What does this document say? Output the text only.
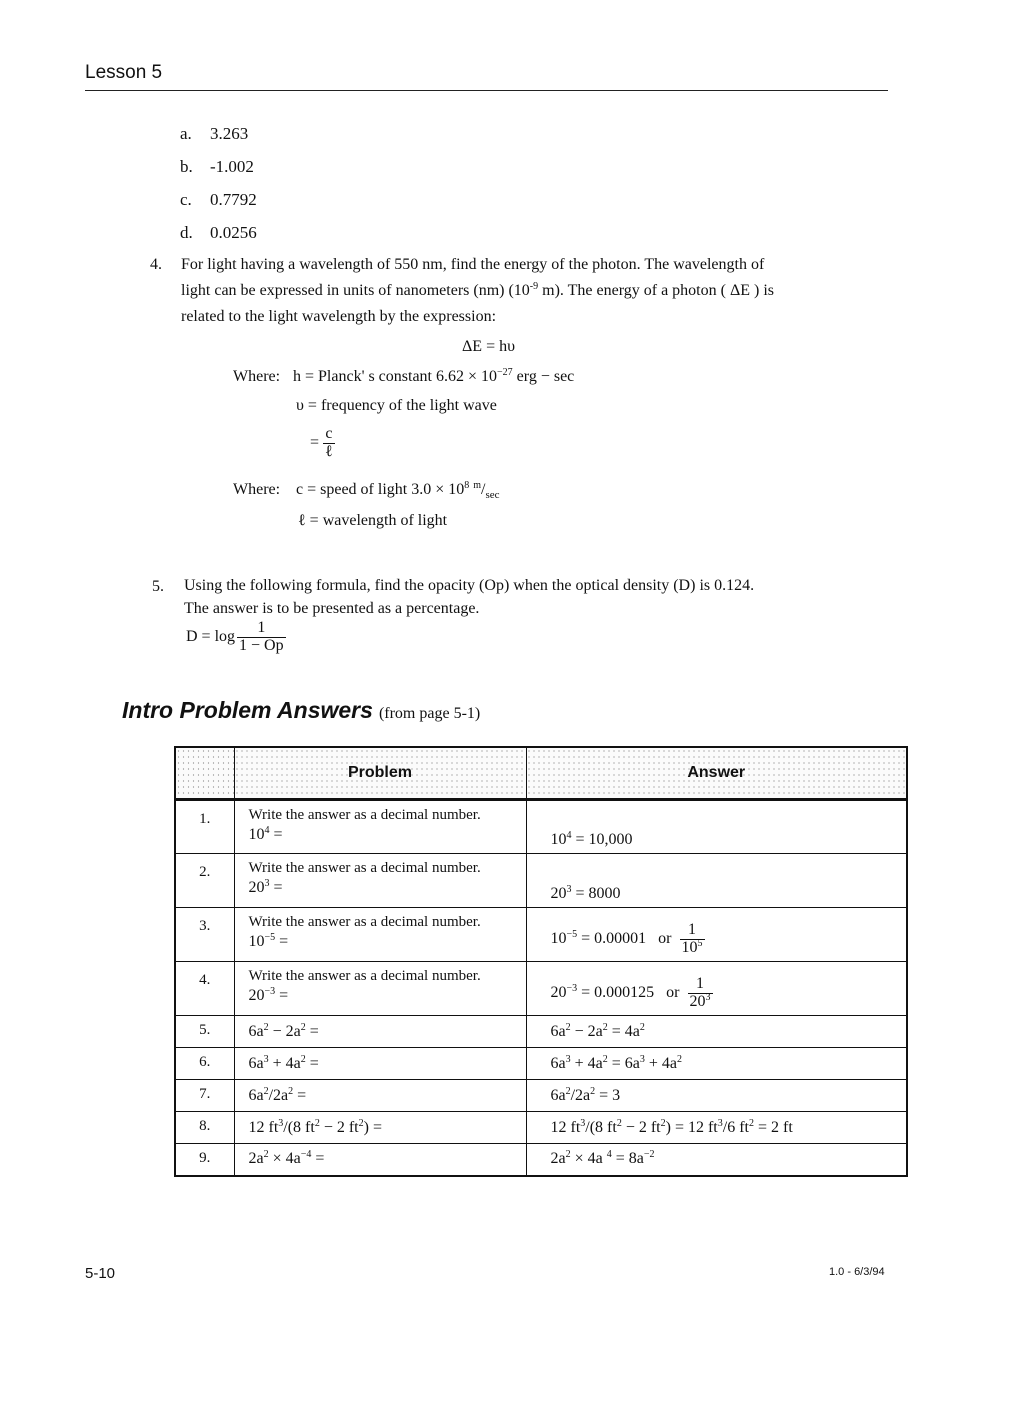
Lesson 5
a. 3.263
b. -1.002
c. 0.7792
d. 0.0256
4. For light having a wavelength of 550 nm, find the energy of the photon. The wavelength of
light can be expressed in units of nanometers (nm) ($10^{-9}$ m). The energy of a photon ( ΔE ) is
related to the light wavelength by the expression:
ΔE = hυ
Where: h = Planck' s constant $6.62 \times 10^{-27}$ erg − sec
υ = frequency of the light wave
= $\frac{c}{\text{ℓ}}$
Where: c = speed of light $3.0 \times 10^8$ $^m/_{sec}$
ℓ = wavelength of light
5. Using the following formula, find the opacity (Op) when the optical density (D) is 0.124.
The answer is to be presented as a percentage.
$D = \log \frac{1}{1 - Op}$
Intro Problem Answers (from page 5-1)
	Problem	Answer
1.	Write the answer as a decimal number.
$10^4$ =	$10^4 = 10,000$
2.	Write the answer as a decimal number.
$20^3$ =	$20^3 = 8000$
3.	Write the answer as a decimal number.
$10^{-5}$ =	$10^{-5} = 0.00001$   or $\frac{1}{10^5}$

4.	Write the answer as a decimal number.
$20^{-3}$ =	$20^{-3} = 0.000125$   or $\frac{1}{20^3}$

5.	$6a^2 - 2a^2$ =	$6a^2 - 2a^2 = 4a^2$
6.	$6a^3 + 4a^2$ =	$6a^3 + 4a^2 = 6a^3 + 4a^2$
7.	$6a^2/2a^2$ =	$6a^2/2a^2 = 3$
8.	12 $ft^3/(8$ $ft^2 - 2$ $ft^2$) =	12 $ft^3/(8$ $ft^2 - 2$ $ft^2) = 12$ $ft^3/6$ $ft^2 = 2$ ft
9.	$2a^2 \times 4a^{-4}$ =	$2a^2 \times 4a$ $^4 = 8a^{-2}$
5-10	1.0 - 6/3/94
